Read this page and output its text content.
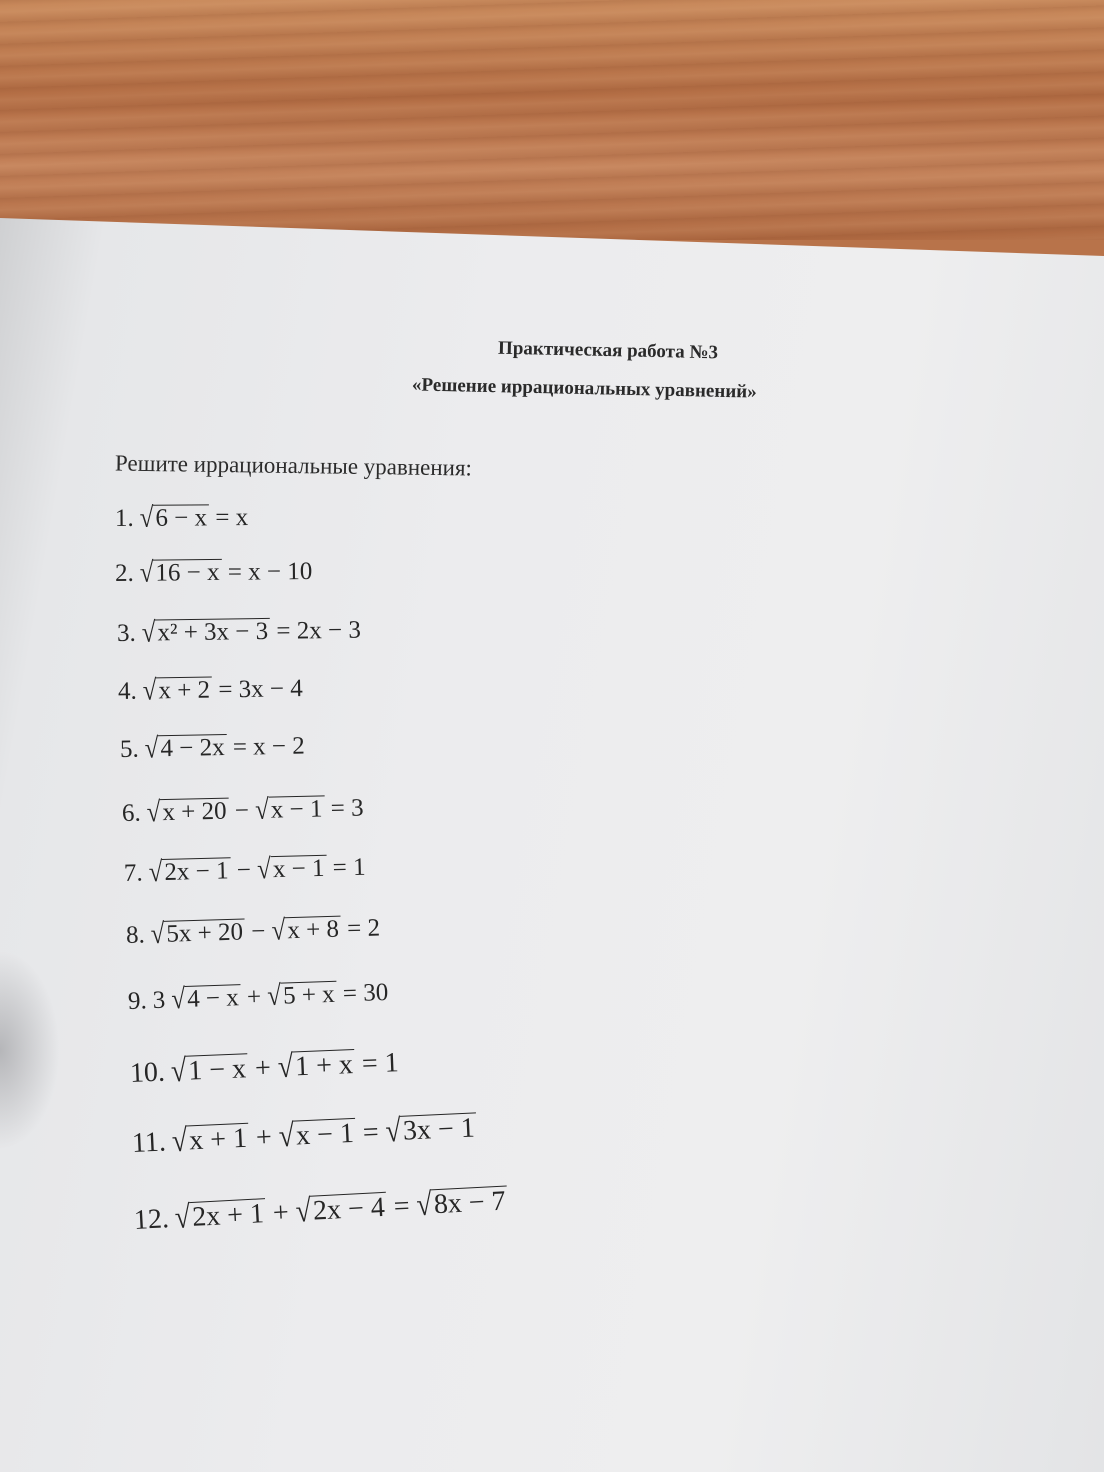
Практическая работа №3
«Решение иррациональных уравнений»
Решите иррациональные уравнения:
1. √6 − x = x
2. √16 − x = x − 10
3. √x² + 3x − 3 = 2x − 3
4. √x + 2 = 3x − 4
5. √4 − 2x = x − 2
6. √x + 20 − √x − 1 = 3
7. √2x − 1 − √x − 1 = 1
8. √5x + 20 − √x + 8 = 2
9. 3 √4 − x + √5 + x = 30
10. √1 − x + √1 + x = 1
11. √x + 1 + √x − 1 = √3x − 1
12. √2x + 1 + √2x − 4 = √8x − 7
